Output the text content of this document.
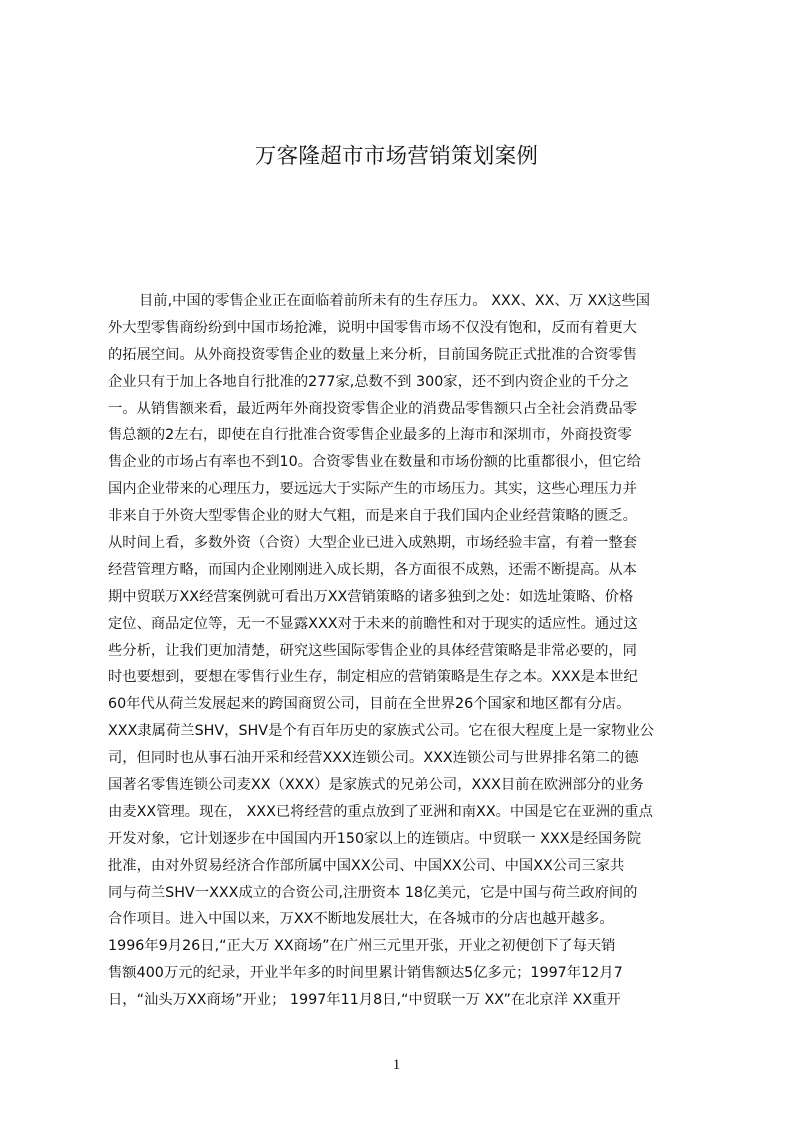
万客隆超市市场营销策划案例
目前,中国的零售企业正在面临着前所未有的生存压力。 XXX、XX、万 XX这些国
外大型零售商纷纷到中国市场抢滩，说明中国零售市场不仅没有饱和，反而有着更大
的拓展空间。从外商投资零售企业的数量上来分析，目前国务院正式批准的合资零售
企业只有于加上各地自行批准的277家,总数不到 300家，还不到内资企业的千分之
一。从销售额来看，最近两年外商投资零售企业的消费品零售额只占全社会消费品零
售总额的2左右，即使在自行批准合资零售企业最多的上海市和深圳市，外商投资零
售企业的市场占有率也不到10。合资零售业在数量和市场份额的比重都很小，但它给
国内企业带来的心理压力，要远远大于实际产生的市场压力。其实，这些心理压力并
非来自于外资大型零售企业的财大气粗，而是来自于我们国内企业经营策略的匮乏。
从时间上看，多数外资（合资）大型企业已进入成熟期，市场经验丰富，有着一整套
经营管理方略，而国内企业刚刚进入成长期，各方面很不成熟，还需不断提高。从本
期中贸联万XX经营案例就可看出万XX营销策略的诸多独到之处：如选址策略、价格
定位、商品定位等，无一不显露XXX对于未来的前瞻性和对于现实的适应性。通过这
些分析，让我们更加清楚，研究这些国际零售企业的具体经营策略是非常必要的，同
时也要想到，要想在零售行业生存，制定相应的营销策略是生存之本。XXX是本世纪
60年代从荷兰发展起来的跨国商贸公司，目前在全世界26个国家和地区都有分店。
XXX隶属荷兰SHV，SHV是个有百年历史的家族式公司。它在很大程度上是一家物业公
司，但同时也从事石油开采和经营XXX连锁公司。XXX连锁公司与世界排名第二的德
国著名零售连锁公司麦XX（XXX）是家族式的兄弟公司，XXX目前在欧洲部分的业务
由麦XX管理。现在， XXX已将经营的重点放到了亚洲和南XX。中国是它在亚洲的重点
开发对象，它计划逐步在中国国内开150家以上的连锁店。中贸联一 XXX是经国务院
批准，由对外贸易经济合作部所属中国XX公司、中国XX公司、中国XX公司三家共
同与荷兰SHV一XXX成立的合资公司,注册资本 18亿美元，它是中国与荷兰政府间的
合作项目。进入中国以来，万XX不断地发展壮大，在各城市的分店也越开越多。
1996年9月26日,“正大万 XX商场”在广州三元里开张，开业之初便创下了每天销
售额400万元的纪录，开业半年多的时间里累计销售额达5亿多元；1997年12月7
日，“汕头万XX商场”开业； 1997年11月8日,“中贸联一万 XX”在北京洋 XX重开
1
